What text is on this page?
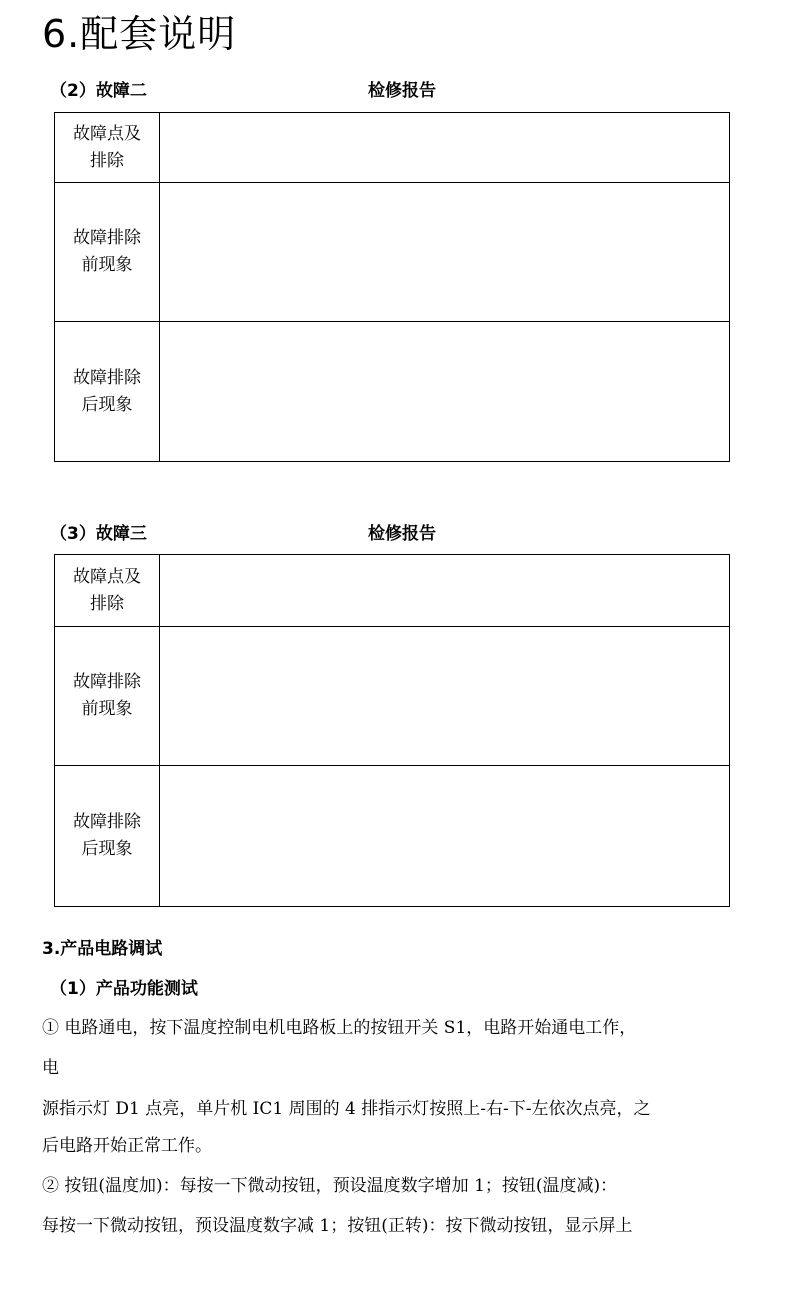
6.配套说明
（2）故障二	检修报告
故障点及
排除	

故障排除
前现象	

故障排除
后现象	

（3）故障三	检修报告
故障点及
排除	

故障排除
前现象	

故障排除
后现象	

3.产品电路调试
（1）产品功能测试
① 电路通电，按下温度控制电机电路板上的按钮开关 S1，电路开始通电工作，
电
源指示灯 D1 点亮，单片机 IC1 周围的 4 排指示灯按照上-右-下-左依次点亮，之
后电路开始正常工作。
② 按钮(温度加)：每按一下微动按钮，预设温度数字增加 1；按钮(温度减)：
每按一下微动按钮，预设温度数字减 1；按钮(正转)：按下微动按钮，显示屏上
